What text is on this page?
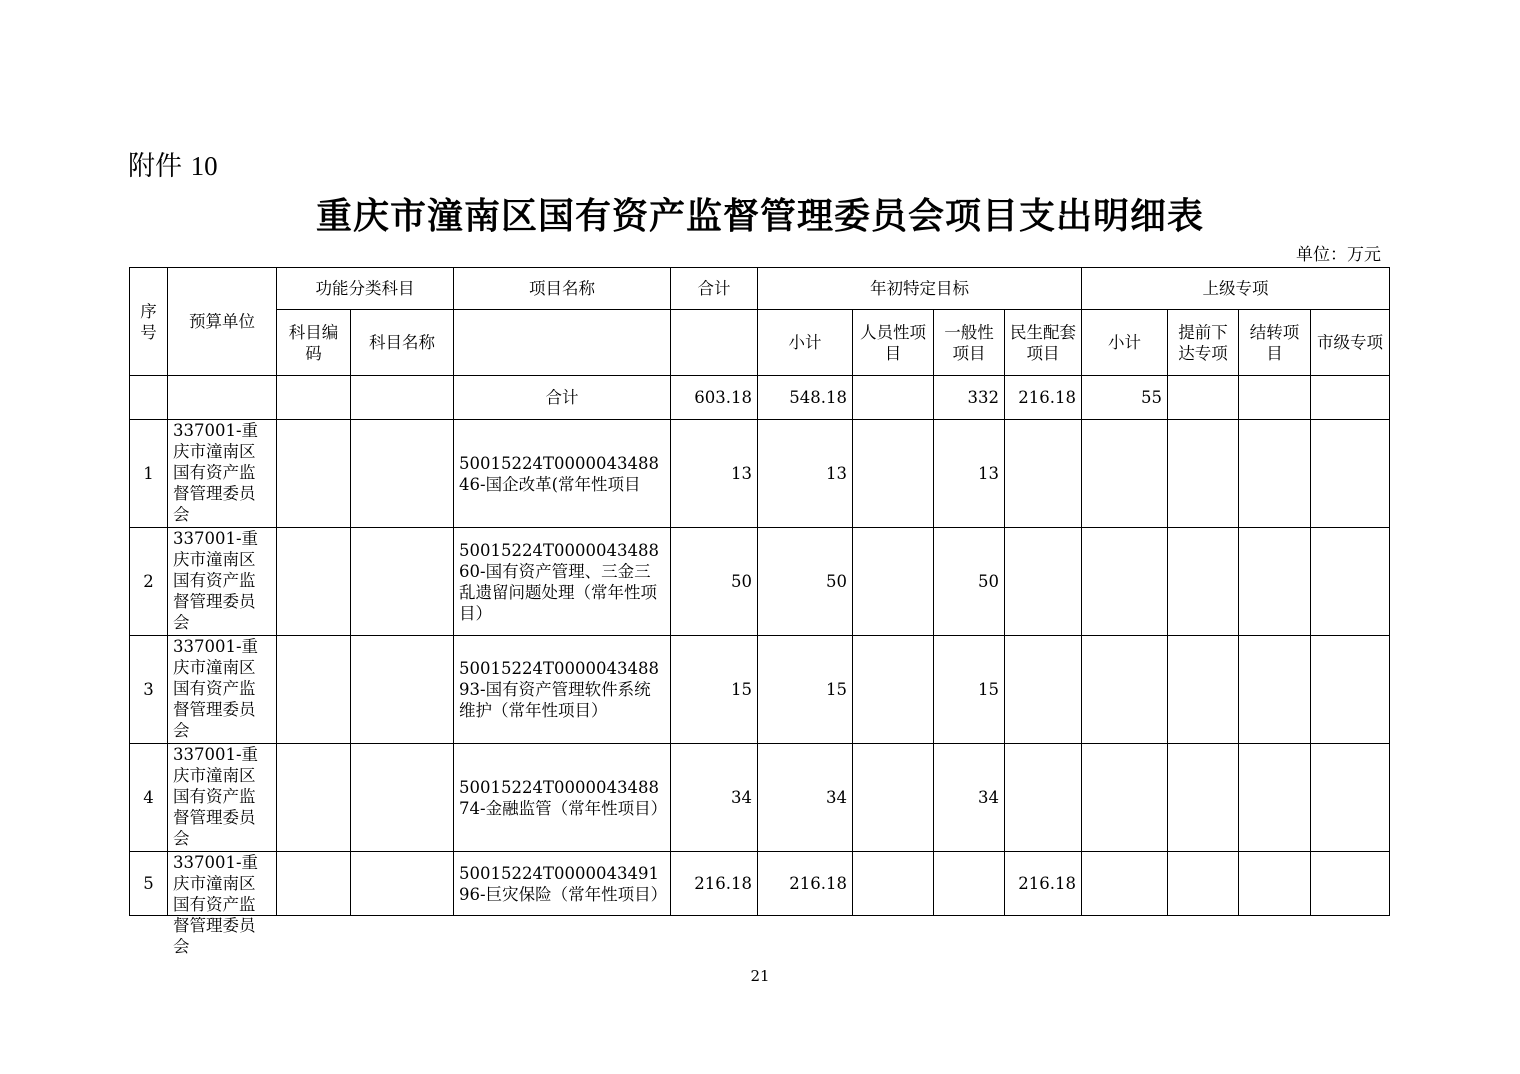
附件 10
重庆市潼南区国有资产监督管理委员会项目支出明细表
单位：万元
序号	预算单位	功能分类科目		项目名称	合计	年初特定目标				上级专项			
		科目编码	科目名称			小计	人员性项目	一般性项目	民生配套项目	小计	提前下达专项	结转项目	市级专项
				合计	603.18	548.18		332	216.18	55			
1	337001-重庆市潼南区国有资产监督管理委员会			50015224T000004348846-国企改革(常年性项目	13	13		13					
2	337001-重庆市潼南区国有资产监督管理委员会			50015224T000004348860-国有资产管理、三金三乱遗留问题处理（常年性项目）	50	50		50					
3	337001-重庆市潼南区国有资产监督管理委员会			50015224T000004348893-国有资产管理软件系统维护（常年性项目）	15	15		15					
4	337001-重庆市潼南区国有资产监督管理委员会			50015224T000004348874-金融监管（常年性项目）	34	34		34					
5	337001-重庆市潼南区国有资产监督管理委员会			50015224T000004349196-巨灾保险（常年性项目）	216.18	216.18			216.18				
21
